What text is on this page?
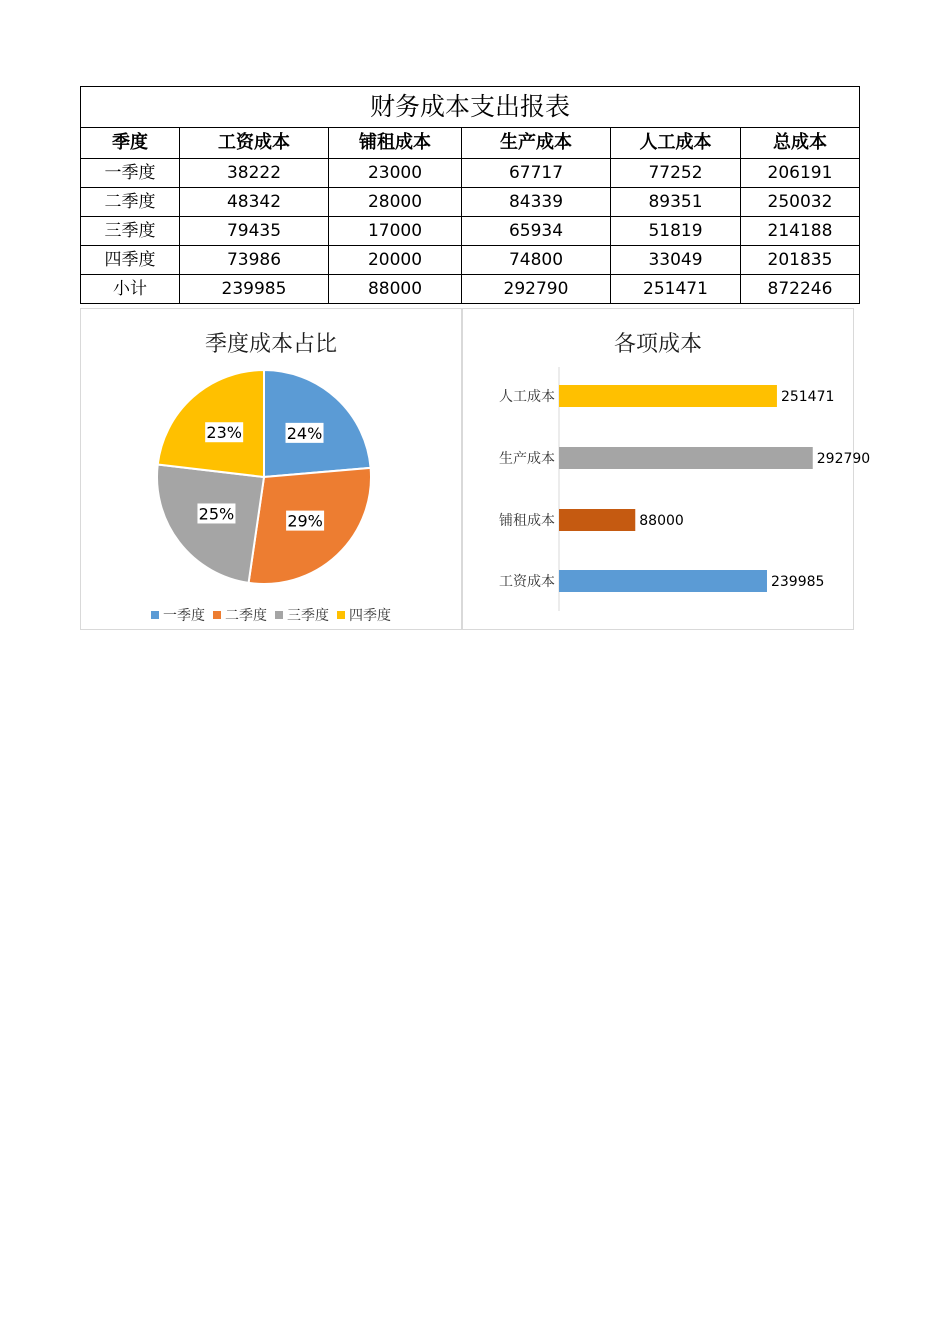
财务成本支出报表					
季度	工资成本	铺租成本	生产成本	人工成本	总成本
一季度	38222	23000	67717	77252	206191
二季度	48342	28000	84339	89351	250032
三季度	79435	17000	65934	51819	214188
四季度	73986	20000	74800	33049	201835
小计	239985	88000	292790	251471	872246
季度成本占比
24%
29%
25%
23%
一季度 二季度 三季度 四季度
各项成本
工资成本	239985
铺租成本	88000
生产成本	292790
人工成本	251471
